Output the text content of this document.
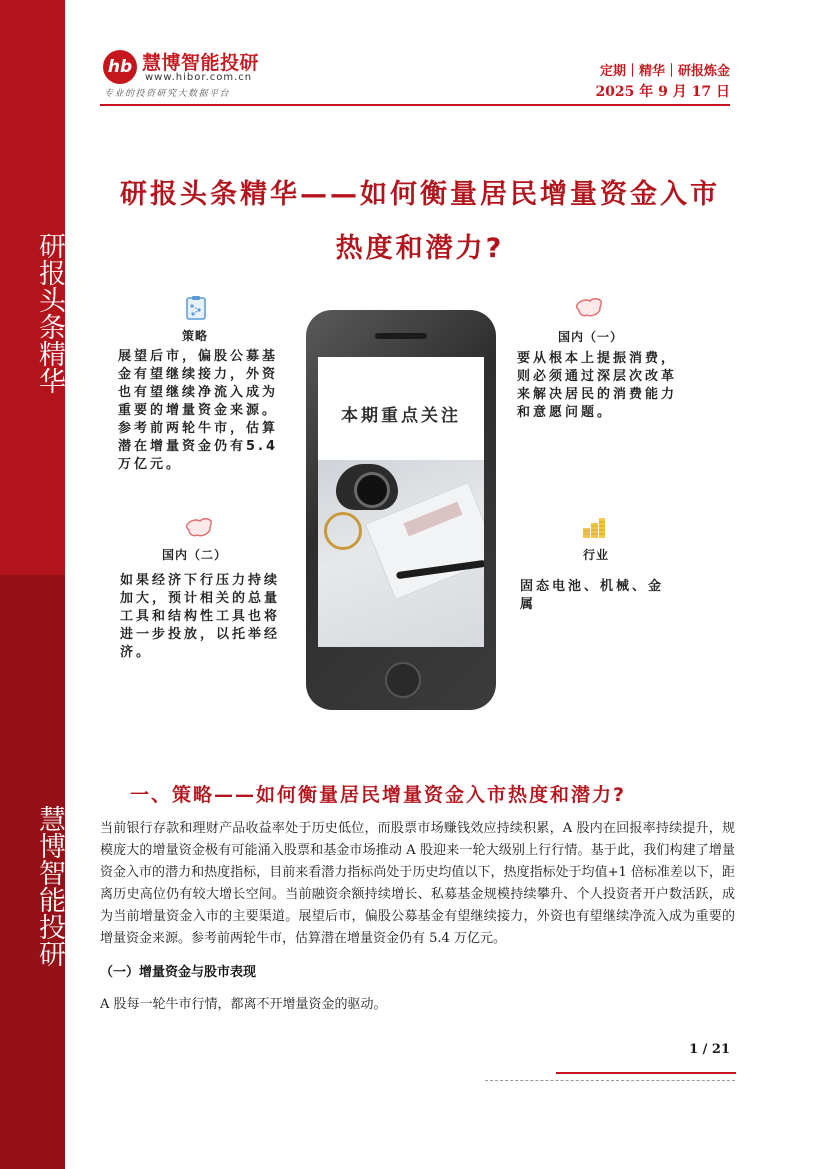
研报头条精华
慧博智能投研
hb 慧博智能投研
www.hibor.com.cn
专业的投资研究大数据平台
定期｜精华｜研报炼金
2025 年 9 月 17 日
研报头条精华——如何衡量居民增量资金入市
热度和潜力?
本期重点关注
策略
展望后市，偏股公募基金有望继续接力，外资也有望继续净流入成为重要的增量资金来源。参考前两轮牛市，估算潜在增量资金仍有5.4万亿元。
国内（一）
要从根本上提振消费，则必须通过深层次改革来解决居民的消费能力和意愿问题。
国内（二）
如果经济下行压力持续加大，预计相关的总量工具和结构性工具也将进一步投放，以托举经济。
行业
固态电池、机械、金属
一、策略——如何衡量居民增量资金入市热度和潜力?
当前银行存款和理财产品收益率处于历史低位，而股票市场赚钱效应持续积累，A 股内在回报率持续提升，规模庞大的增量资金极有可能涌入股票和基金市场推动 A 股迎来一轮大级别上行行情。基于此，我们构建了增量资金入市的潜力和热度指标，目前来看潜力指标尚处于历史均值以下，热度指标处于均值+1 倍标准差以下，距离历史高位仍有较大增长空间。当前融资余额持续增长、私募基金规模持续攀升、个人投资者开户数活跃，成为当前增量资金入市的主要渠道。展望后市，偏股公募基金有望继续接力，外资也有望继续净流入成为重要的增量资金来源。参考前两轮牛市，估算潜在增量资金仍有 5.4 万亿元。
（一）增量资金与股市表现
A 股每一轮牛市行情，都离不开增量资金的驱动。
1 / 21
